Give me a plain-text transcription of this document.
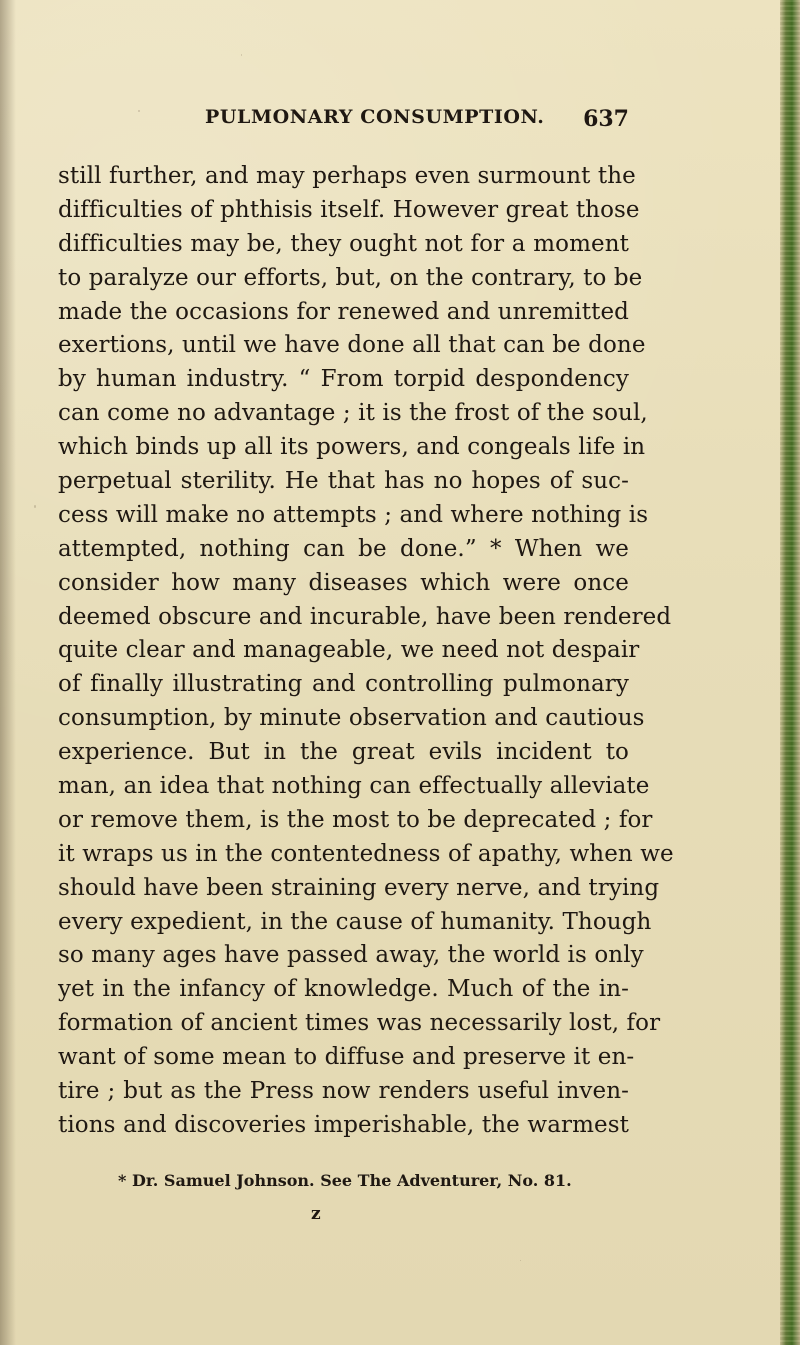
PULMONARY CONSUMPTION. 637
still further, and may perhaps even surmount the
difficulties of phthisis itself. However great those
difficulties may be, they ought not for a moment
to paralyze our efforts, but, on the contrary, to be
made the occasions for renewed and unremitted
exertions, until we have done all that can be done
by human industry. “ From torpid despondency
can come no advantage ; it is the frost of the soul,
which binds up all its powers, and congeals life in
perpetual sterility. He that has no hopes of suc-
cess will make no attempts ; and where nothing is
attempted, nothing can be done.” * When we
consider how many diseases which were once
deemed obscure and incurable, have been rendered
quite clear and manageable, we need not despair
of finally illustrating and controlling pulmonary
consumption, by minute observation and cautious
experience. But in the great evils incident to
man, an idea that nothing can effectually alleviate
or remove them, is the most to be deprecated ; for
it wraps us in the contentedness of apathy, when we
should have been straining every nerve, and trying
every expedient, in the cause of humanity. Though
so many ages have passed away, the world is only
yet in the infancy of knowledge. Much of the in-
formation of ancient times was necessarily lost, for
want of some mean to diffuse and preserve it en-
tire ; but as the Press now renders useful inven-
tions and discoveries imperishable, the warmest
* Dr. Samuel Johnson. See The Adventurer, No. 81.
z
